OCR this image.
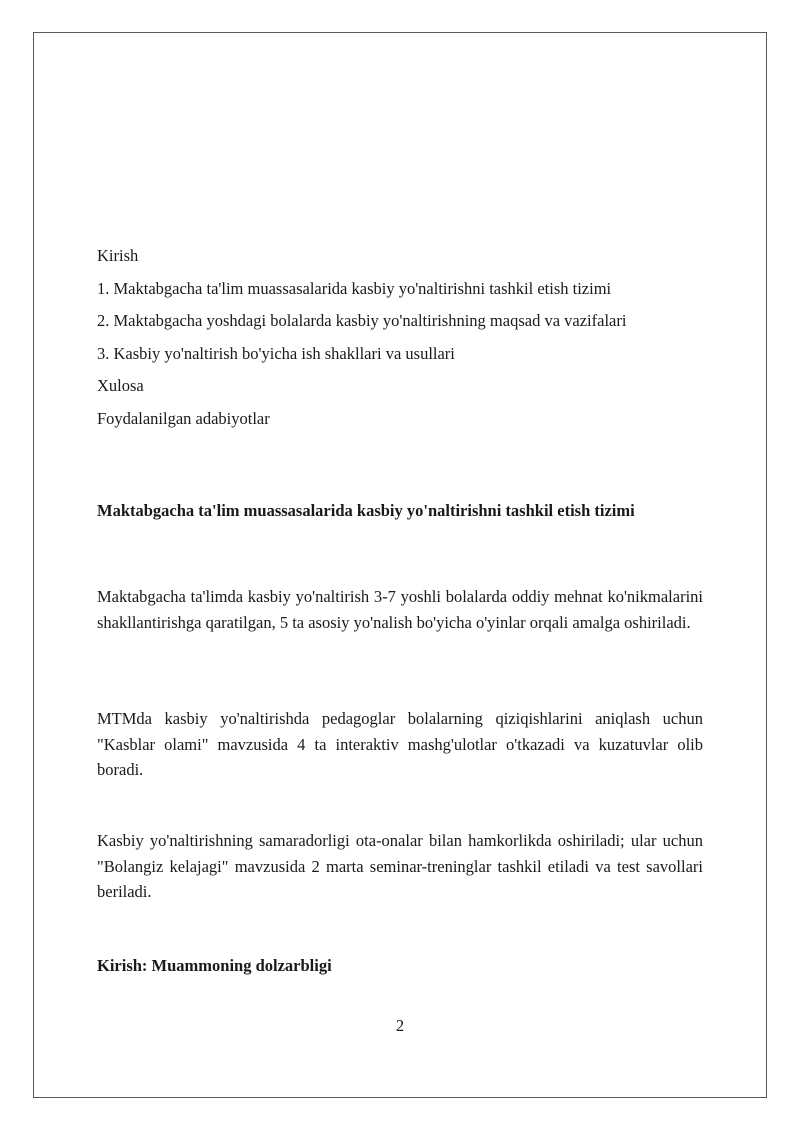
Kirish
1. Maktabgacha ta'lim muassasalarida kasbiy yo'naltirishni tashkil etish tizimi
2. Maktabgacha yoshdagi bolalarda kasbiy yo'naltirishning maqsad va vazifalari
3. Kasbiy yo'naltirish bo'yicha ish shakllari va usullari
Xulosa
Foydalanilgan adabiyotlar
Maktabgacha ta'lim muassasalarida kasbiy yo'naltirishni tashkil etish tizimi
Maktabgacha ta'limda kasbiy yo'naltirish 3-7 yoshli bolalarda oddiy mehnat ko'nikmalarini shakllantirishga qaratilgan, 5 ta asosiy yo'nalish bo'yicha o'yinlar orqali amalga oshiriladi.
MTMda kasbiy yo'naltirishda pedagoglar bolalarning qiziqishlarini aniqlash uchun "Kasblar olami" mavzusida 4 ta interaktiv mashg'ulotlar o'tkazadi va kuzatuvlar olib boradi.
Kasbiy yo'naltirishning samaradorligi ota-onalar bilan hamkorlikda oshiriladi; ular uchun "Bolangiz kelajagi" mavzusida 2 marta seminar-treninglar tashkil etiladi va test savollari beriladi.
Kirish: Muammoning dolzarbligi
2
